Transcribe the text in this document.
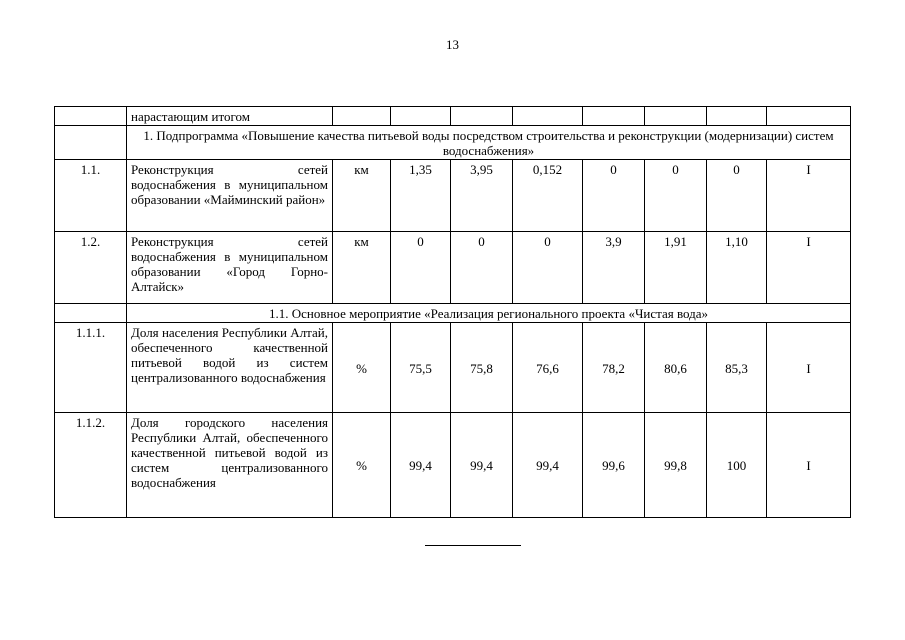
13
	нарастающим итогом								
	1. Подпрограмма «Повышение качества питьевой воды посредством строительства и реконструкции (модернизации) систем водоснабжения»								
1.1.	Реконструкция сетей водоснабжения в муниципальном образовании «Майминский район»	км	1,35	3,95	0,152	0	0	0	I
1.2.	Реконструкция сетей водоснабжения в муниципальном образовании «Город Горно-Алтайск»	км	0	0	0	3,9	1,91	1,10	I
	1.1. Основное мероприятие «Реализация регионального проекта «Чистая вода»								
1.1.1.	Доля населения Республики Алтай, обеспеченного качественной питьевой водой из систем централизованного водоснабжения	%	75,5	75,8	76,6	78,2	80,6	85,3	I
1.1.2.	Доля городского населения Республики Алтай, обеспеченного качественной питьевой водой из систем централизованного водоснабжения	%	99,4	99,4	99,4	99,6	99,8	100	I
